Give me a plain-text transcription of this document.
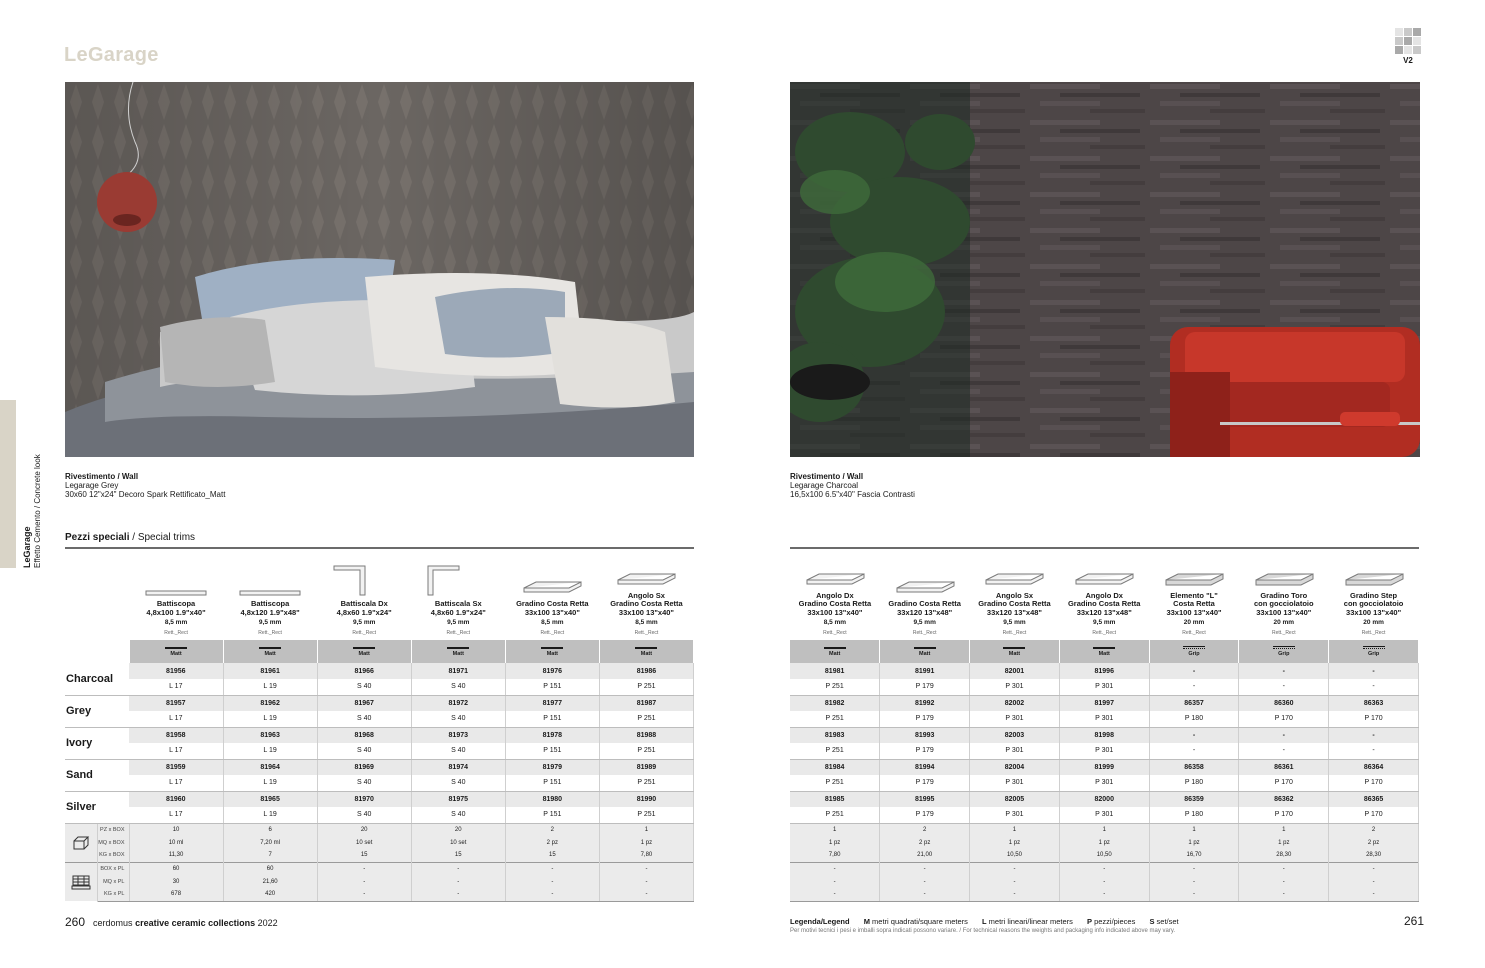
LeGarage	V2
LeGarage
Effetto Cemento / Concrete look	Rivestimento / Wall
Legarage Grey
30x60 12"x24" Decoro Spark Rettificato_Matt
Rivestimento / Wall
Legarage Charcoal
16,5x100 6.5"x40" Fascia Contrasti
Pezzi speciali / Special trims

		Battiscopa
4,8x100 1.9"x40"
8,5 mm
Rett._Rect	Battiscopa
4,8x120 1.9"x48"
9,5 mm
Rett._Rect	Battiscala Dx
4,8x60 1.9"x24"
9,5 mm
Rett._Rect	Battiscala Sx
4,8x60 1.9"x24"
9,5 mm
Rett._Rect	Gradino Costa Retta
33x100 13"x40"
8,5 mm
Rett._Rect	Angolo Sx
Gradino Costa Retta
33x100 13"x40"
8,5 mm
Rett._Rect

		Matt	Matt	Matt	Matt	Matt	Matt

Charcoal		81956	81961	81966	81971	81976	81986
		L 17	L 19	S 40	S 40	P 151	P 251
Grey		81957	81962	81967	81972	81977	81987
		L 17	L 19	S 40	S 40	P 151	P 251
Ivory		81958	81963	81968	81973	81978	81988
		L 17	L 19	S 40	S 40	P 151	P 251
Sand		81959	81964	81969	81974	81979	81989
		L 17	L 19	S 40	S 40	P 151	P 251
Silver		81960	81965	81970	81975	81980	81990
		L 17	L 19	S 40	S 40	P 151	P 251

	PZ x BOX	10	6	20	20	2	1
	MQ x BOX	10 ml	7,20 ml	10 set	10 set	2 pz	1 pz
	KG x BOX	11,30	7	15	15	15	7,80

	BOX x PL	60	60	-	-	-	-
	MQ x PL	30	21,60	-	-	-	-
	KG x PL	678	420	-	-	-	-
Angolo Dx
Gradino Costa Retta
33x100 13"x40"
8,5 mm
Rett._Rect	Gradino Costa Retta
33x120 13"x48"
9,5 mm
Rett._Rect	Angolo Sx
Gradino Costa Retta
33x120 13"x48"
9,5 mm
Rett._Rect	Angolo Dx
Gradino Costa Retta
33x120 13"x48"
9,5 mm
Rett._Rect	Elemento "L"
Costa Retta
33x100 13"x40"
20 mm
Rett._Rect	Gradino Toro
con gocciolatoio
33x100 13"x40"
20 mm
Rett._Rect	Gradino Step
con gocciolatoio
33x100 13"x40"
20 mm
Rett._Rect

Matt	Matt	Matt	Matt	Grip	Grip	Grip

81981	81991	82001	81996	-	-	-
P 251	P 179	P 301	P 301	-	-	-
81982	81992	82002	81997	86357	86360	86363
P 251	P 179	P 301	P 301	P 180	P 170	P 170
81983	81993	82003	81998	-	-	-
P 251	P 179	P 301	P 301	-	-	-
81984	81994	82004	81999	86358	86361	86364
P 251	P 179	P 301	P 301	P 180	P 170	P 170
81985	81995	82005	82000	86359	86362	86365
P 251	P 179	P 301	P 301	P 180	P 170	P 170
1	2	1	1	1	1	2
1 pz	2 pz	1 pz	1 pz	1 pz	1 pz	2 pz
7,80	21,00	10,50	10,50	16,70	28,30	28,30
-	-	-	-	-	-	-
-	-	-	-	-	-	-
-	-	-	-	-	-	-
260 cerdomus creative ceramic collections 2022	261
Legenda/Legend M metri quadrati/square meters L metri lineari/linear meters P pezzi/pieces S set/set
Per motivi tecnici i pesi e imballi sopra indicati possono variare. / For technical reasons the weights and packaging info indicated above may vary.
